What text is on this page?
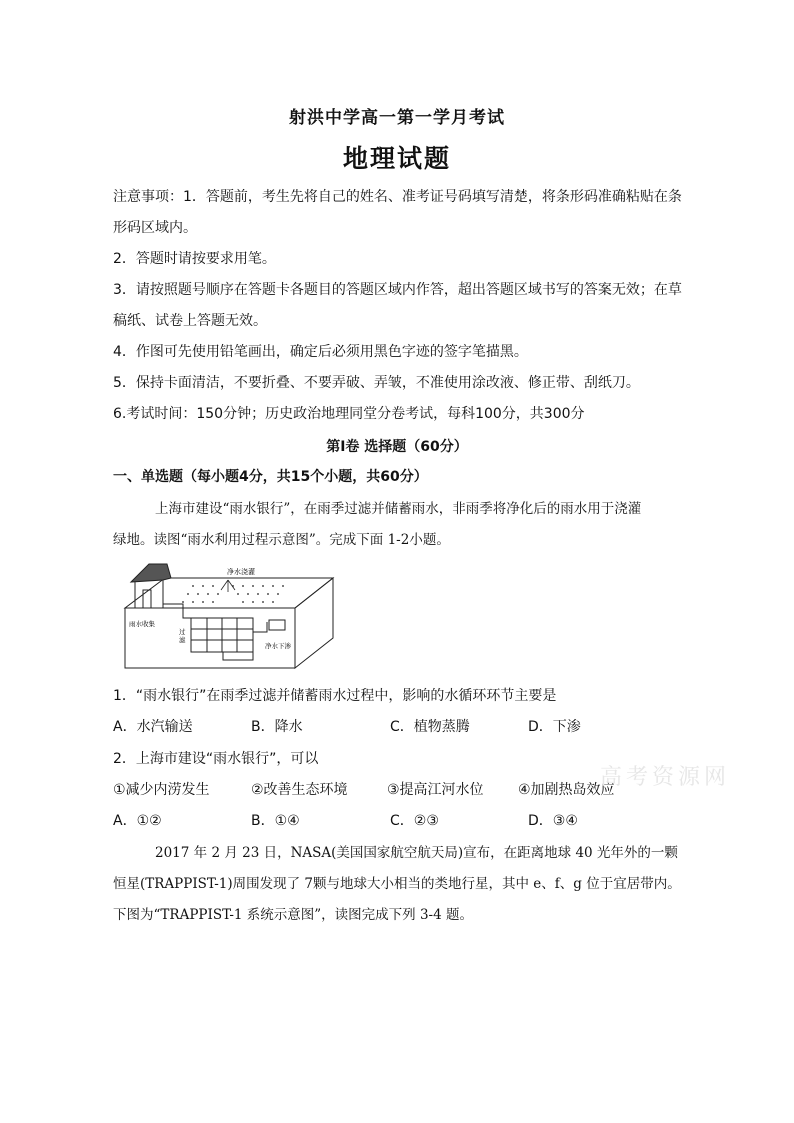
射洪中学高一第一学月考试
地理试题
注意事项：1．答题前，考生先将自己的姓名、准考证号码填写清楚，将条形码准确粘贴在条
形码区域内。
2．答题时请按要求用笔。
3．请按照题号顺序在答题卡各题目的答题区域内作答，超出答题区域书写的答案无效；在草
稿纸、试卷上答题无效。
4．作图可先使用铅笔画出，确定后必须用黑色字迹的签字笔描黑。
5．保持卡面清洁，不要折叠、不要弄破、弄皱，不准使用涂改液、修正带、刮纸刀。
6.考试时间：150分钟；历史政治地理同堂分卷考试，每科100分，共300分
第Ⅰ卷 选择题（60分）
一、单选题（每小题4分，共15个小题，共60分）
上海市建设“雨水银行”，在雨季过滤并储蓄雨水，非雨季将净化后的雨水用于浇灌
绿地。读图“雨水利用过程示意图”。完成下面 1-2小题。
净水浇灌
雨水收集
过
滤
净水下渗
1．“雨水银行”在雨季过滤并储蓄雨水过程中，影响的水循环环节主要是
A．水汽输送	B．降水	C．植物蒸腾	D．下渗
2．上海市建设“雨水银行”，可以
①减少内涝发生	②改善生态环境	③提高江河水位 ④加剧热岛效应
A．①②	B．①④	C．②③	D．③④
高考资源网
2017 年 2 月 23 日，NASA(美国国家航空航天局)宣布，在距离地球 40 光年外的一颗
恒星(TRAPPIST-1)周围发现了 7颗与地球大小相当的类地行星，其中 e、f、g 位于宜居带内。
下图为“TRAPPIST-1 系统示意图”，读图完成下列 3-4 题。
